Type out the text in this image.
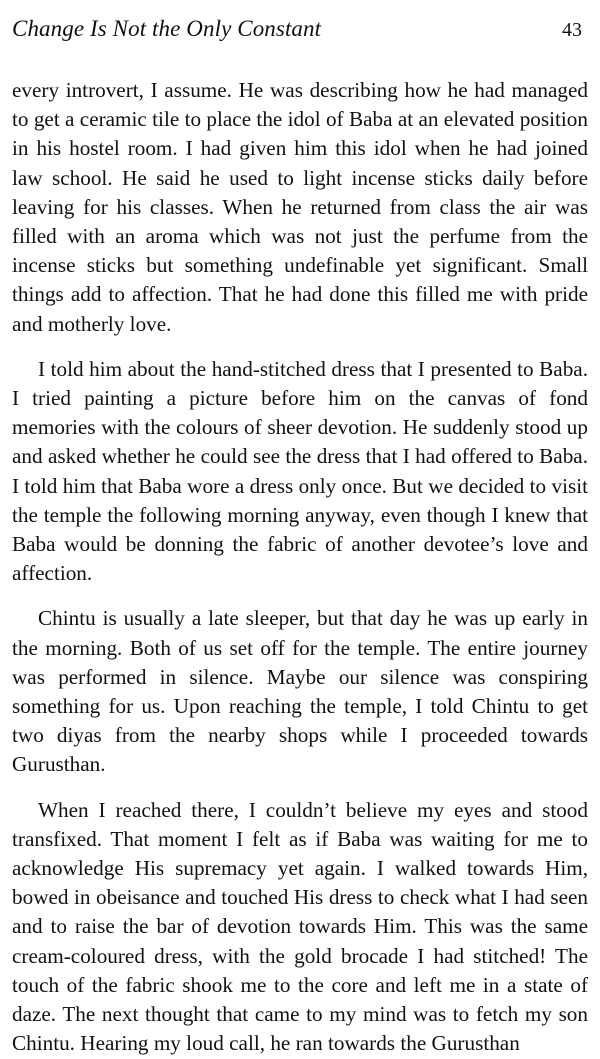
Change Is Not the Only Constant	43

every introvert, I assume. He was describing how he had managed to get a ceramic tile to place the idol of Baba at an elevated position in his hostel room. I had given him this idol when he had joined law school. He said he used to light incense sticks daily before leaving for his classes. When he returned from class the air was filled with an aroma which was not just the perfume from the incense sticks but something undefinable yet significant. Small things add to affection. That he had done this filled me with pride and motherly love.

I told him about the hand-stitched dress that I presented to Baba. I tried painting a picture before him on the canvas of fond memories with the colours of sheer devotion. He suddenly stood up and asked whether he could see the dress that I had offered to Baba. I told him that Baba wore a dress only once. But we decided to visit the temple the following morning anyway, even though I knew that Baba would be donning the fabric of another devotee’s love and affection.

Chintu is usually a late sleeper, but that day he was up early in the morning. Both of us set off for the temple. The entire journey was performed in silence. Maybe our silence was conspiring something for us. Upon reaching the temple, I told Chintu to get two diyas from the nearby shops while I proceeded towards Gurusthan.

When I reached there, I couldn’t believe my eyes and stood transfixed. That moment I felt as if Baba was waiting for me to acknowledge His supremacy yet again. I walked towards Him, bowed in obeisance and touched His dress to check what I had seen and to raise the bar of devotion towards Him. This was the same cream-coloured dress, with the gold brocade I had stitched! The touch of the fabric shook me to the core and left me in a state of daze. The next thought that came to my mind was to fetch my son Chintu. Hearing my loud call, he ran towards the Gurusthan
